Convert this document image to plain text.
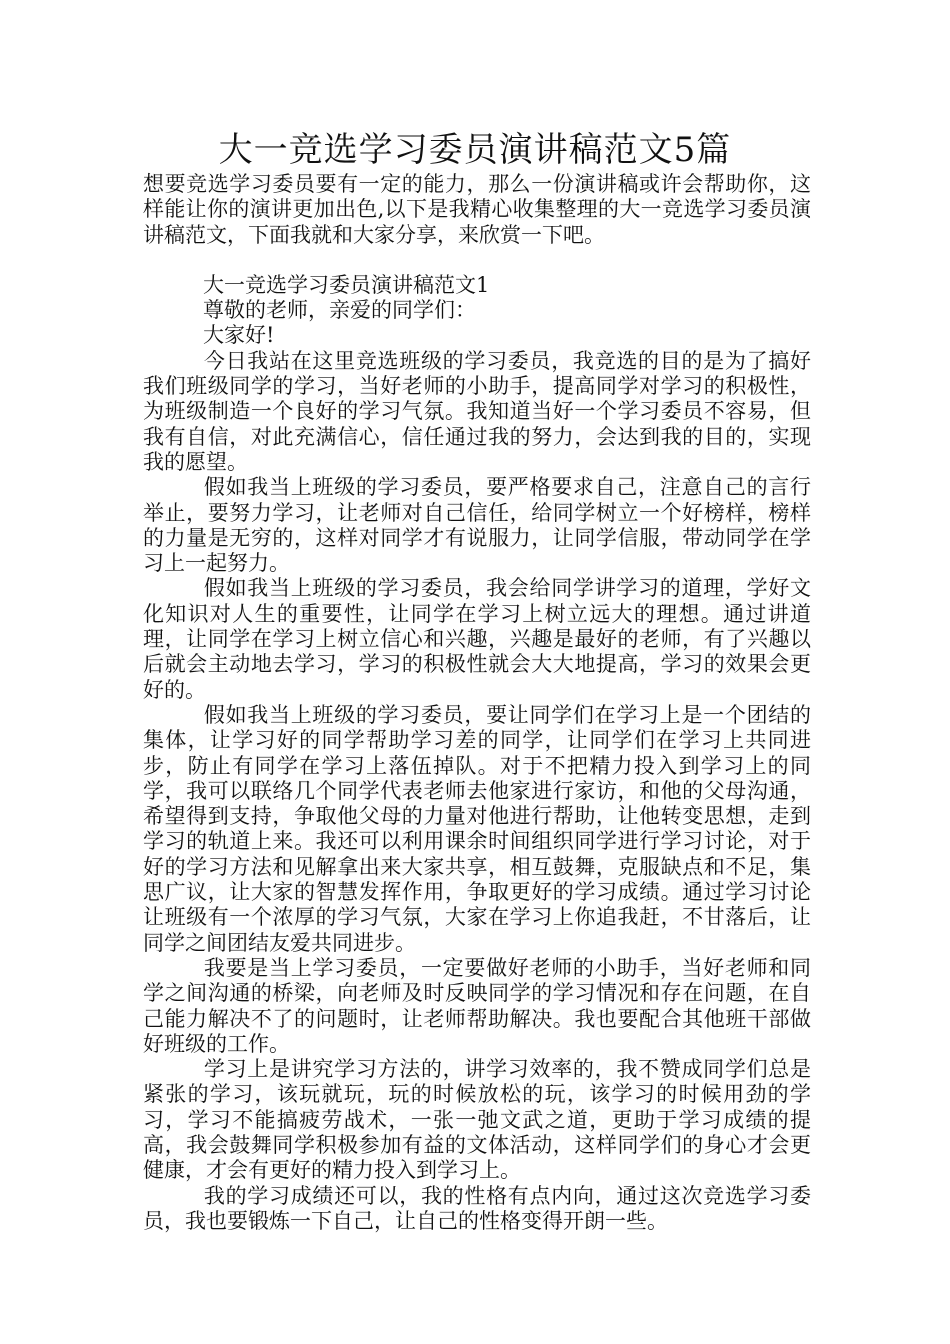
大一竞选学习委员演讲稿范文5篇

想要竞选学习委员要有一定的能力，那么一份演讲稿或许会帮助你，这样能让你的演讲更加出色,以下是我精心收集整理的大一竞选学习委员演讲稿范文，下面我就和大家分享，来欣赏一下吧。

大一竞选学习委员演讲稿范文1

尊敬的老师，亲爱的同学们：

大家好!

今日我站在这里竞选班级的学习委员，我竞选的目的是为了搞好我们班级同学的学习，当好老师的小助手，提高同学对学习的积极性，为班级制造一个良好的学习气氛。我知道当好一个学习委员不容易，但我有自信，对此充满信心，信任通过我的努力，会达到我的目的，实现我的愿望。

假如我当上班级的学习委员，要严格要求自己，注意自己的言行举止，要努力学习，让老师对自己信任，给同学树立一个好榜样，榜样的力量是无穷的，这样对同学才有说服力，让同学信服，带动同学在学习上一起努力。

假如我当上班级的学习委员，我会给同学讲学习的道理，学好文化知识对人生的重要性，让同学在学习上树立远大的理想。通过讲道理，让同学在学习上树立信心和兴趣，兴趣是最好的老师，有了兴趣以后就会主动地去学习，学习的积极性就会大大地提高，学习的效果会更好的。

假如我当上班级的学习委员，要让同学们在学习上是一个团结的集体，让学习好的同学帮助学习差的同学，让同学们在学习上共同进步，防止有同学在学习上落伍掉队。对于不把精力投入到学习上的同学，我可以联络几个同学代表老师去他家进行家访，和他的父母沟通，希望得到支持，争取他父母的力量对他进行帮助，让他转变思想，走到学习的轨道上来。我还可以利用课余时间组织同学进行学习讨论，对于好的学习方法和见解拿出来大家共享，相互鼓舞，克服缺点和不足，集思广议，让大家的智慧发挥作用，争取更好的学习成绩。通过学习讨论让班级有一个浓厚的学习气氛，大家在学习上你追我赶，不甘落后，让同学之间团结友爱共同进步。

我要是当上学习委员，一定要做好老师的小助手，当好老师和同学之间沟通的桥梁，向老师及时反映同学的学习情况和存在问题，在自己能力解决不了的问题时，让老师帮助解决。我也要配合其他班干部做好班级的工作。

学习上是讲究学习方法的，讲学习效率的，我不赞成同学们总是紧张的学习，该玩就玩，玩的时候放松的玩，该学习的时候用劲的学习，学习不能搞疲劳战术，一张一弛文武之道，更助于学习成绩的提高，我会鼓舞同学积极参加有益的文体活动，这样同学们的身心才会更健康，才会有更好的精力投入到学习上。

我的学习成绩还可以，我的性格有点内向，通过这次竞选学习委员，我也要锻炼一下自己，让自己的性格变得开朗一些。
